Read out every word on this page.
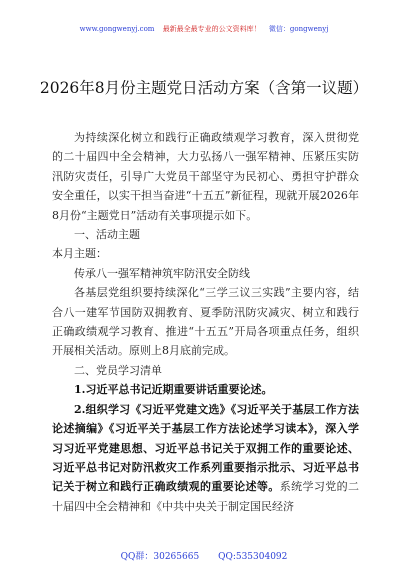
www.gongwenyj.com 最新最全最专业的公文资料库！ 微信：gongwenyj
2026年8月份主题党日活动方案（含第一议题）

为持续深化树立和践行正确政绩观学习教育，深入贯彻党的二十届四中全会精神，大力弘扬八一强军精神、压紧压实防汛防灾责任，引导广大党员干部坚守为民初心、勇担守护群众安全重任，以实干担当奋进“十五五”新征程，现就开展2026年8月份“主题党日”活动有关事项提示如下。

一、活动主题

本月主题：

传承八一强军精神筑牢防汛安全防线

各基层党组织要持续深化“三学三议三实践”主要内容，结合八一建军节国防双拥教育、夏季防汛防灾减灾、树立和践行正确政绩观学习教育、推进“十五五”开局各项重点任务，组织开展相关活动。原则上8月底前完成。

二、党员学习清单

1.习近平总书记近期重要讲话重要论述。

2.组织学习《习近平党建文选》《习近平关于基层工作方法论述摘编》《习近平关于基层工作方法论述学习读本》，深入学习习近平党建思想、习近平总书记关于双拥工作的重要论述、习近平总书记对防汛救灾工作系列重要指示批示、习近平总书记关于树立和践行正确政绩观的重要论述等。系统学习党的二十届四中全会精神和《中共中央关于制定国民经济

QQ群：30265665 QQ:535304092
